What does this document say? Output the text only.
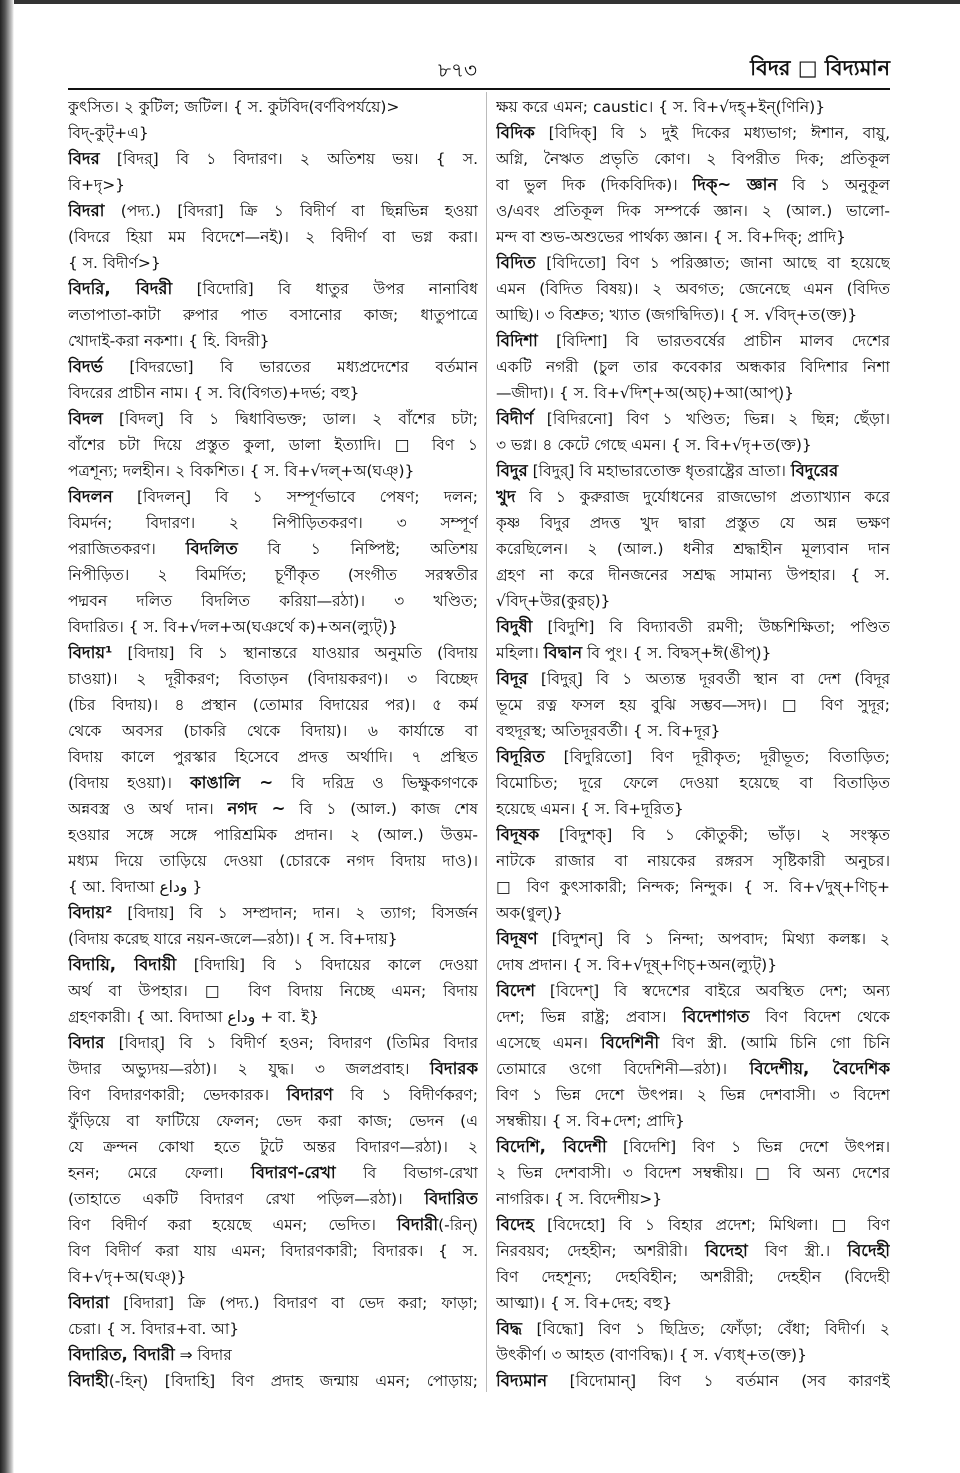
৮৭৩	বিদর □ বিদ্যমান
কুৎসিত। ২ কুটিল; জটিল। { স. কুটবিদ(বর্ণবিপর্যয়ে)>
বিদ্‌-কুট্+এ}
বিদর [বিদর্] বি ১ বিদারণ। ২ অতিশয় ভয়। { স.
বি+দৃ>}
বিদরা (পদ্য.) [বিদরা] ক্রি ১ বিদীর্ণ বা ছিন্নভিন্ন হওয়া
(বিদরে হিয়া মম বিদেশে—নই)। ২ বিদীর্ণ বা ভগ্ন করা।
{ স. বিদীর্ণ>}
বিদরি, বিদরী [বিদোরি] বি ধাতুর উপর নানাবিধ
লতাপাতা-কাটা রুপার পাত বসানোর কাজ; ধাতুপাত্রে
খোদাই-করা নকশা। { হি. বিদরী}
বিদর্ভ [বিদরভো] বি ভারতের মধ্যপ্রদেশের বর্তমান
বিদরের প্রাচীন নাম। { স. বি(বিগত)+দর্ভ; বহু}
বিদল [বিদল্] বি ১ দ্বিধাবিভক্ত; ডাল। ২ বাঁশের চটা;
বাঁশের চটা দিয়ে প্রস্তুত কুলা, ডালা ইত্যাদি। □ বিণ ১
পত্রশূন্য; দলহীন। ২ বিকশিত। { স. বি+√দল্+অ(ঘঞ্)}
বিদলন [বিদলন্] বি ১ সম্পূর্ণভাবে পেষণ; দলন;
বিমর্দন; বিদারণ। ২ নিপীড়িতকরণ। ৩ সম্পূর্ণ
পরাজিতকরণ। বিদলিত বি ১ নিষ্পিষ্ট; অতিশয়
নিপীড়িত। ২ বিমর্দিত; চূর্ণীকৃত (সংগীত সরস্বতীর
পদ্মবন দলিত বিদলিত করিয়া—রঠা)। ৩ খণ্ডিত;
বিদারিত। { স. বি+√দল+অ(ঘঞর্থে ক)+অন(ল্যুট্)}
বিদায়¹ [বিদায়] বি ১ স্থানান্তরে যাওয়ার অনুমতি (বিদায়
চাওয়া)। ২ দূরীকরণ; বিতাড়ন (বিদায়করণ)। ৩ বিচ্ছেদ
(চির বিদায়)। ৪ প্রস্থান (তোমার বিদায়ের পর)। ৫ কর্ম
থেকে অবসর (চাকরি থেকে বিদায়)। ৬ কার্যান্তে বা
বিদায় কালে পুরস্কার হিসেবে প্রদত্ত অর্থাদি। ৭ প্রস্থিত
(বিদায় হওয়া)। কাঙালি ~ বি দরিদ্র ও ভিক্ষুকগণকে
অন্নবস্ত্র ও অর্থ দান। নগদ ~ বি ১ (আল.) কাজ শেষ
হওয়ার সঙ্গে সঙ্গে পারিশ্রমিক প্রদান। ২ (আল.) উত্তম-
মধ্যম দিয়ে তাড়িয়ে দেওয়া (চোরকে নগদ বিদায় দাও)।
{ আ. বিদাআ وداع }
বিদায়² [বিদায়] বি ১ সম্প্রদান; দান। ২ ত্যাগ; বিসর্জন
(বিদায় করেছ যারে নয়ন-জলে—রঠা)। { স. বি+দায়}
বিদায়ি, বিদায়ী [বিদায়ি] বি ১ বিদায়ের কালে দেওয়া
অর্থ বা উপহার। □ বিণ বিদায় নিচ্ছে এমন; বিদায়
গ্রহণকারী। { আ. বিদাআ وداع + বা. ই}
বিদার [বিদার্] বি ১ বিদীর্ণ হওন; বিদারণ (তিমির বিদার
উদার অভ্যুদয়—রঠা)। ২ যুদ্ধ। ৩ জলপ্রবাহ। বিদারক
বিণ বিদারণকারী; ভেদকারক। বিদারণ বি ১ বিদীর্ণকরণ;
ফুঁড়িয়ে বা ফাটিয়ে ফেলন; ভেদ করা কাজ; ভেদন (এ
যে ক্রন্দন কোথা হতে টুটে অন্তর বিদারণ—রঠা)। ২
হনন; মেরে ফেলা। বিদারণ-রেখা বি বিভাগ-রেখা
(তাহাতে একটি বিদারণ রেখা পড়িল—রঠা)। বিদারিত
বিণ বিদীর্ণ করা হয়েছে এমন; ভেদিত। বিদারী(-রিন্)
বিণ বিদীর্ণ করা যায় এমন; বিদারণকারী; বিদারক। { স.
বি+√দৃ+অ(ঘঞ্)}
বিদারা [বিদারা] ক্রি (পদ্য.) বিদারণ বা ভেদ করা; ফাড়া;
চেরা। { স. বিদার+বা. আ}
বিদারিত, বিদারী ⇒ বিদার
বিদাহী(-হিন্) [বিদাহি] বিণ প্রদাহ জন্মায় এমন; পোড়ায়;
ক্ষয় করে এমন; caustic। { স. বি+√দহ্+ইন্(ণিনি)}
বিদিক [বিদিক্] বি ১ দুই দিকের মধ্যভাগ; ঈশান, বায়ু,
অগ্নি, নৈঋত প্রভৃতি কোণ। ২ বিপরীত দিক; প্রতিকূল
বা ভুল দিক (দিকবিদিক)। দিক্‌~ জ্ঞান বি ১ অনুকূল
ও/এবং প্রতিকূল দিক সম্পর্কে জ্ঞান। ২ (আল.) ভালো-
মন্দ বা শুভ-অশুভের পার্থক্য জ্ঞান। { স. বি+দিক্‌; প্রাদি}
বিদিত [বিদিতো] বিণ ১ পরিজ্ঞাত; জানা আছে বা হয়েছে
এমন (বিদিত বিষয়)। ২ অবগত; জেনেছে এমন (বিদিত
আছি)। ৩ বিশ্রুত; খ্যাত (জগদ্বিদিত)। { স. √বিদ্+ত(ক্ত)}
বিদিশা [বিদিশা] বি ভারতবর্ষের প্রাচীন মালব দেশের
একটি নগরী (চুল তার কবেকার অন্ধকার বিদিশার নিশা
—জীদা)। { স. বি+√দিশ্+অ(অচ্)+আ(আপ্)}
বিদীর্ণ [বিদিরনো] বিণ ১ খণ্ডিত; ভিন্ন। ২ ছিন্ন; ছেঁড়া।
৩ ভগ্ন। ৪ কেটে গেছে এমন। { স. বি+√দৃ+ত(ক্ত)}
বিদুর [বিদুর্] বি মহাভারতোক্ত ধৃতরাষ্ট্রের ভ্রাতা। বিদুরের
খুদ বি ১ কুরুরাজ দুর্যোধনের রাজভোগ প্রত্যাখ্যান করে
কৃষ্ণ বিদুর প্রদত্ত খুদ দ্বারা প্রস্তুত যে অন্ন ভক্ষণ
করেছিলেন। ২ (আল.) ধনীর শ্রদ্ধাহীন মূল্যবান দান
গ্রহণ না করে দীনজনের সশ্রদ্ধ সামান্য উপহার। { স.
√বিদ্+উর(কুরচ্)}
বিদুষী [বিদুশি] বি বিদ্যাবতী রমণী; উচ্চশিক্ষিতা; পণ্ডিত
মহিলা। বিদ্বান বি পুং। { স. বিদ্বস্+ঈ(ঙীপ্)}
বিদূর [বিদুর্] বি ১ অত্যন্ত দূরবর্তী স্থান বা দেশ (বিদূর
ভূমে রত্ন ফসল হয় বুঝি সম্ভব—সদ)। □ বিণ সুদূর;
বহুদূরস্থ; অতিদূরবর্তী। { স. বি+দূর}
বিদূরিত [বিদুরিতো] বিণ দূরীকৃত; দূরীভূত; বিতাড়িত;
বিমোচিত; দূরে ফেলে দেওয়া হয়েছে বা বিতাড়িত
হয়েছে এমন। { স. বি+দূরিত}
বিদূষক [বিদুশক্] বি ১ কৌতুকী; ভাঁড়। ২ সংস্কৃত
নাটকে রাজার বা নায়কের রঙ্গরস সৃষ্টিকারী অনুচর।
□ বিণ কুৎসাকারী; নিন্দক; নিন্দুক। { স. বি+√দুষ্+ণিচ্+
অক(ণ্বুল্)}
বিদূষণ [বিদুশন্] বি ১ নিন্দা; অপবাদ; মিথ্যা কলঙ্ক। ২
দোষ প্রদান। { স. বি+√দূষ্+ণিচ্+অন(ল্যুট্)}
বিদেশ [বিদেশ্] বি স্বদেশের বাইরে অবস্থিত দেশ; অন্য
দেশ; ভিন্ন রাষ্ট্র; প্রবাস। বিদেশাগত বিণ বিদেশ থেকে
এসেছে এমন। বিদেশিনী বিণ স্ত্রী. (আমি চিনি গো চিনি
তোমারে ওগো বিদেশিনী—রঠা)। বিদেশীয়, বৈদেশিক
বিণ ১ ভিন্ন দেশে উৎপন্ন। ২ ভিন্ন দেশবাসী। ৩ বিদেশ
সম্বন্ধীয়। { স. বি+দেশ; প্রাদি}
বিদেশি, বিদেশী [বিদেশি] বিণ ১ ভিন্ন দেশে উৎপন্ন।
২ ভিন্ন দেশবাসী। ৩ বিদেশ সম্বন্ধীয়। □ বি অন্য দেশের
নাগরিক। { স. বিদেশীয়>}
বিদেহ [বিদেহো] বি ১ বিহার প্রদেশ; মিথিলা। □ বিণ
নিরবয়ব; দেহহীন; অশরীরী। বিদেহা বিণ স্ত্রী.। বিদেহী
বিণ দেহশূন্য; দেহবিহীন; অশরীরী; দেহহীন (বিদেহী
আত্মা)। { স. বি+দেহ; বহু}
বিদ্ধ [বিদ্ধো] বিণ ১ ছিদ্রিত; ফোঁড়া; বেঁধা; বিদীর্ণ। ২
উৎকীর্ণ। ৩ আহত (বাণবিদ্ধ)। { স. √ব্যধ্+ত(ক্ত)}
বিদ্যমান [বিদোমান্] বিণ ১ বর্তমান (সব কারণই
